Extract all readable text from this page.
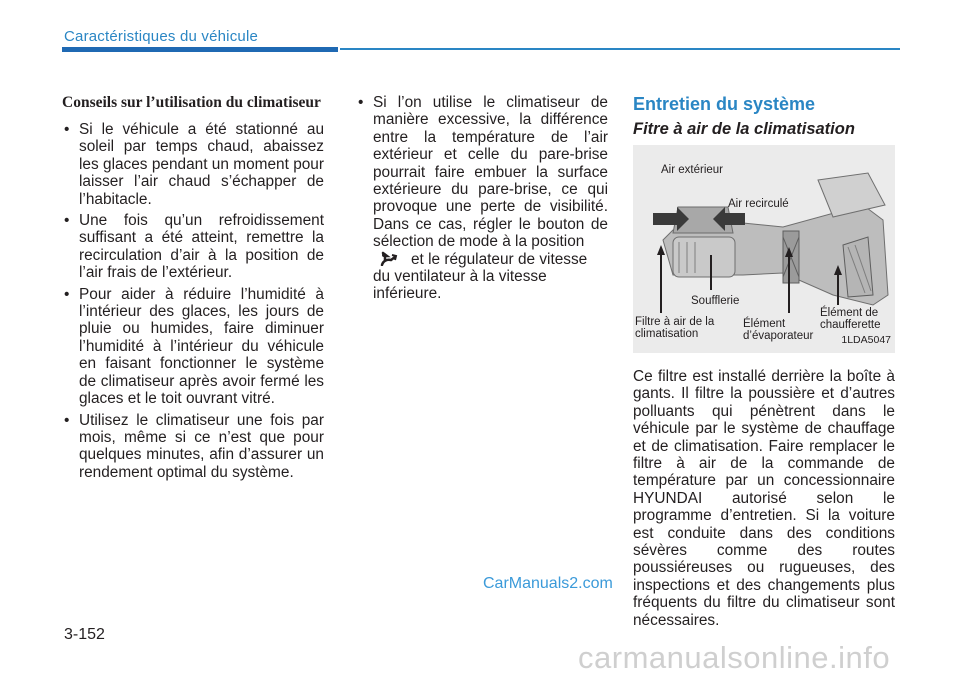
Caractéristiques du véhicule
Conseils sur l’utilisation du climatiseur
• Si le véhicule a été stationné au soleil par temps chaud, abaissez les glaces pendant un moment pour laisser l’air chaud s’échapper de l’habitacle.
• Une fois qu’un refroidissement suffisant a été atteint, remettre la recirculation d’air à la position de l’air frais de l’extérieur.
• Pour aider à réduire l’humidité à l’intérieur des glaces, les jours de pluie ou humides, faire diminuer l’humidité à l’intérieur du véhicule en faisant fonctionner le système de climatiseur après avoir fermé les glaces et le toit ouvrant vitré.
• Utilisez le climatiseur une fois par mois, même si ce n’est que pour quelques minutes, afin d’assurer un rendement optimal du système.
• Si l’on utilise le climatiseur de manière excessive, la différence entre la température de l’air extérieur et celle du pare-brise pourrait faire embuer la surface extérieure du pare-brise, ce qui provoque une perte de visibilité. Dans ce cas, régler le bouton de sélection de mode à la position
et le régulateur de vitesse du ventilateur à la vitesse inférieure.
Entretien du système
Fitre à air de la climatisation
Air extérieur
Air recirculé
Soufflerie
Filtre à air de la climatisation
Élément d’évaporateur
Élément de chaufferette
1LDA5047
Ce filtre est installé derrière la boîte à gants. Il filtre la poussière et d’autres polluants qui pénètrent dans le véhicule par le système de chauffage et de climatisation. Faire remplacer le filtre à air de la commande de température par un concessionnaire HYUNDAI autorisé selon le programme d’entretien. Si la voiture est conduite dans des conditions sévères comme des routes poussiéreuses ou rugueuses, des inspections et des changements plus fréquents du filtre du climatiseur sont nécessaires.
CarManuals2.com
3-152
carmanualsonline.info
